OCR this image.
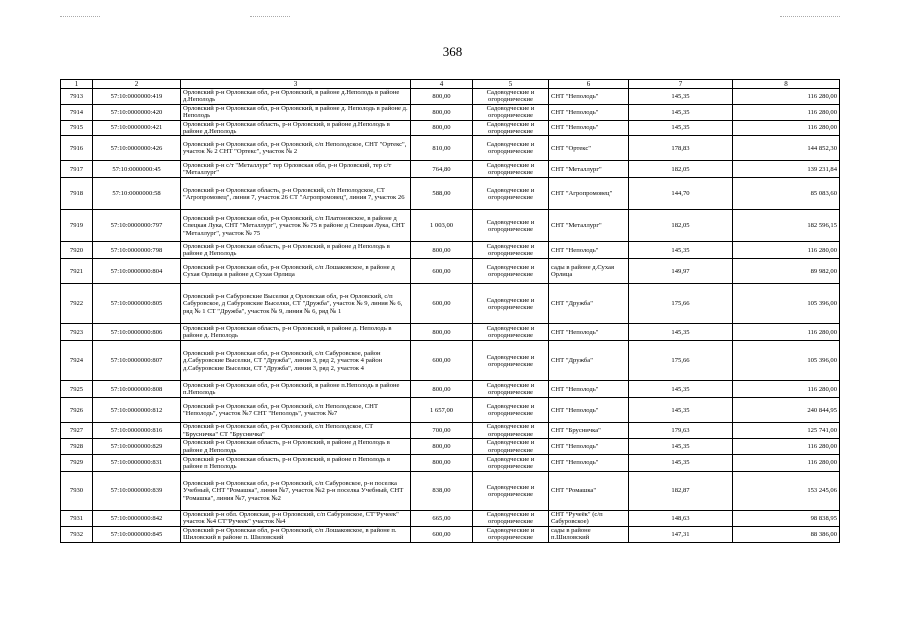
368
1	2	3	4	5	6	7	8
7913	57:10:0000000:419	Орловский р-н Орловская обл, р-н Орловский, в районе д.Неполодь в районе д.Неполодь	800,00	Садоводческие и огороднические	СНТ "Неполодь"	145,35	116 280,00
7914	57:10:0000000:420	Орловский р-н Орловская обл, р-н Орловский, в районе д. Неполодь в районе д. Неполодь	800,00	Садоводческие и огороднические	СНТ "Неполодь"	145,35	116 280,00
7915	57:10:0000000:421	Орловский р-н Орловская область, р-н Орловский, в районе д.Неполодь в районе д.Неполодь	800,00	Садоводческие и огороднические	СНТ "Неполодь"	145,35	116 280,00
7916	57:10:0000000:426	Орловский р-н Орловская обл, р-н Орловский, с/п Неполодское, СНТ "Ортекс", участок № 2 СНТ "Ортекс", участок № 2	810,00	Садоводческие и огороднические	СНТ "Ортекс"	178,83	144 852,30
7917	57:10:0000000:45	Орловский р-н с/т "Металлург" тер Орловская обл, р-н Орловский, тер с/т "Металлург"	764,80	Садоводческие и огороднические	СНТ "Металлург"	182,05	139 231,84
7918	57:10:0000000:58	Орловский р-н Орловская область, р-н Орловский, с/п Неполодское, СТ "Агропромовец", линия 7, участок 26 СТ "Агропромовец", линия 7, участок 26	588,00	Садоводческие и огороднические	СНТ "Агропромовец"	144,70	85 083,60
7919	57:10:0000000:797	Орловский р-н Орловская обл, р-н Орловский, с/п Платоновское, в районе д Спецкая Лука, СНТ "Металлург", участок № 75 в районе д Спецкая Лука, СНТ "Металлург", участок № 75	1 003,00	Садоводческие и огороднические	СНТ "Металлург"	182,05	182 596,15
7920	57:10:0000000:798	Орловский р-н Орловская область, р-н Орловский, в районе д Неполодь в районе д Неполодь	800,00	Садоводческие и огороднические	СНТ "Неполодь"	145,35	116 280,00
7921	57:10:0000000:804	Орловский р-н Орловская обл, р-н Орловский, с/п Лошаковское, в районе д Сухая Орлица в районе д Сухая Орлица	600,00	Садоводческие и огороднические	сады в районе д.Сухая Орлица	149,97	89 982,00
7922	57:10:0000000:805	Орловский р-н Сабуровские Выселки д Орловская обл, р-н Орловский, с/п Сабуровское, д Сабуровские Выселки, СТ "Дружба", участок № 9, линия № 6, ряд № 1 СТ "Дружба", участок № 9, линия № 6, ряд № 1	600,00	Садоводческие и огороднические	СНТ "Дружба"	175,66	105 396,00
7923	57:10:0000000:806	Орловский р-н Орловская область, р-н Орловский, в районе д. Неполодь в районе д. Неполодь	800,00	Садоводческие и огороднические	СНТ "Неполодь"	145,35	116 280,00
7924	57:10:0000000:807	Орловский р-н Орловская обл, р-н Орловский, с/п Сабуровское, район д.Сабуровские Выселки, СТ "Дружба", линия 3, ряд 2, участок 4 район д.Сабуровские Выселки, СТ "Дружба", линия 3, ряд 2, участок 4	600,00	Садоводческие и огороднические	СНТ "Дружба"	175,66	105 396,00
7925	57:10:0000000:808	Орловский р-н Орловская обл, р-н Орловский, в районе п.Неполодь в районе п.Неполодь	800,00	Садоводческие и огороднические	СНТ "Неполодь"	145,35	116 280,00
7926	57:10:0000000:812	Орловский р-н Орловская обл, р-н Орловский, с/п Неполодское, СНТ "Неполодь", участок №7 СНТ "Неполодь", участок №7	1 657,00	Садоводческие и огороднические	СНТ "Неполодь"	145,35	240 844,95
7927	57:10:0000000:816	Орловский р-н Орловская обл, р-н Орловский, с/п Неполодское, СТ "Брусничка" СТ "Брусничка"	700,00	Садоводческие и огороднические	СНТ "Брусничка"	179,63	125 741,00
7928	57:10:0000000:829	Орловский р-н Орловская область, р-н Орловский, в районе д Неполодь в районе д Неполодь	800,00	Садоводческие и огороднические	СНТ "Неполодь"	145,35	116 280,00
7929	57:10:0000000:831	Орловский р-н Орловская область, р-н Орловский, в районе п Неполодь в районе п Неполодь	800,00	Садоводческие и огороднические	СНТ "Неполодь"	145,35	116 280,00
7930	57:10:0000000:839	Орловский р-н Орловская обл, р-н Орловский, с/п Сабуровское, р-н поселка Учебный, СНТ "Ромашка", линия №7, участок №2 р-н поселка Учебный, СНТ "Ромашка", линия №7, участок №2	838,00	Садоводческие и огороднические	СНТ "Ромашка"	182,87	153 245,06
7931	57:10:0000000:842	Орловский р-н обл. Орловская, р-н Орловский, с/п Сабуровское, СТ"Ручеек" участок №4 СТ"Ручеек" участок №4	665,00	Садоводческие и огороднические	СНТ "Ручеёк" (с/п Сабуровское)	148,63	98 838,95
7932	57:10:0000000:845	Орловский р-н Орловская обл, р-н Орловский, с/п Лошаковское, в районе п. Шиловский в районе п. Шиловский	600,00	Садоводческие и огороднические	сады в районе п.Шиловский	147,31	88 386,00
